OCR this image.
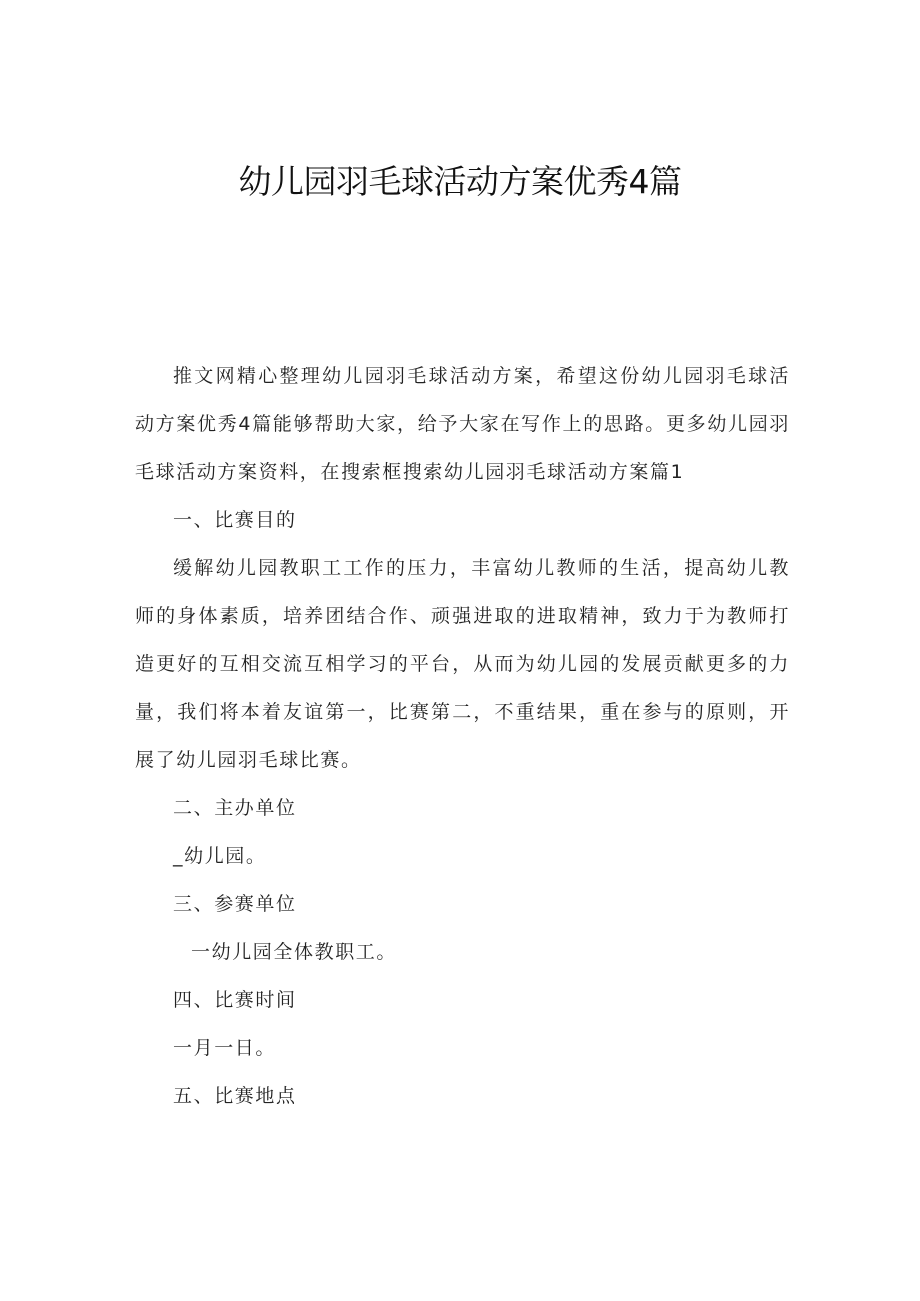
幼儿园羽毛球活动方案优秀4篇

推文网精心整理幼儿园羽毛球活动方案，希望这份幼儿园羽毛球活动方案优秀4篇能够帮助大家，给予大家在写作上的思路。更多幼儿园羽毛球活动方案资料，在搜索框搜索幼儿园羽毛球活动方案篇1

一、比赛目的

缓解幼儿园教职工工作的压力，丰富幼儿教师的生活，提高幼儿教师的身体素质，培养团结合作、顽强进取的进取精神，致力于为教师打造更好的互相交流互相学习的平台，从而为幼儿园的发展贡献更多的力量，我们将本着友谊第一，比赛第二，不重结果，重在参与的原则，开展了幼儿园羽毛球比赛。

二、主办单位

_幼儿园。

三、参赛单位

一幼儿园全体教职工。

四、比赛时间

一月一日。

五、比赛地点
